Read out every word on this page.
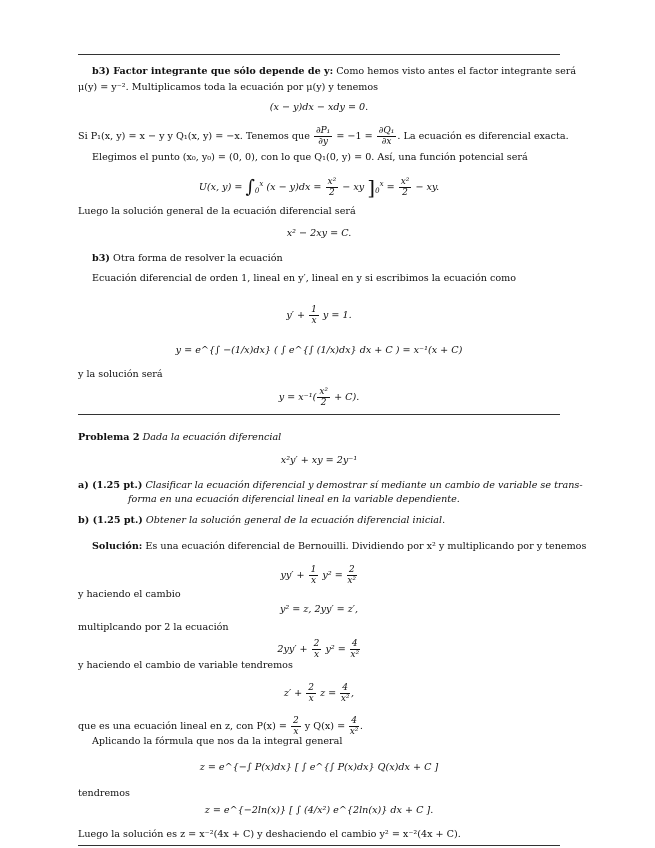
b3) Factor integrante que sólo depende de y: Como hemos visto antes el factor integrante será
μ(y) = y⁻². Multiplicamos toda la ecuación por μ(y) y tenemos
(x − y)dx − xdy = 0.
Si P₁(x, y) = x − y y Q₁(x, y) = −x. Tenemos que $\frac{\text{∂P₁}}{\partial y} = -1 = \frac{\text{∂Q₁}}{\partial x}$ . La ecuación es diferencial exacta.
Elegimos el punto (x₀, y₀) = (0, 0), con lo que Q₁(0, y) = 0. Así, una función potencial será
U(x, $y) = \int_0^x$ $(x - y)dx = \frac{\text{x²}}{2}$ − xy ]$_0^x = \frac{\text{x²}}{2}$ − xy.
Luego la solución general de la ecuación diferencial será
x² − 2xy = C.
b3) Otra forma de resolver la ecuación
Ecuación diferencial de orden 1, lineal en y′, lineal en y si escribimos la ecuación como
$y' + \frac{1}{x}$ y = 1.
y = e^{∫ −(1/x)dx} ( ∫ e^{∫ (1/x)dx} dx + C ) = x⁻¹(x + C)
y la solución será
$y = x^{-1}( \frac{\text{x²}}{2} + C)$.
Problema 2 Dada la ecuación diferencial
x²y′ + xy = 2y⁻¹
a) (1.25 pt.) Clasificar la ecuación diferencial y demostrar sí mediante un cambio de variable se trans-
forma en una ecuación diferencial lineal en la variable dependiente.
b) (1.25 pt.) Obtener la solución general de la ecuación diferencial inicial.
Solución: Es una ecuación diferencial de Bernouilli. Dividiendo por x² y multiplicando por y tenemos
$yy' + \frac{1}{x} y^2 = \frac{2}{\text{x²}}$
y haciendo el cambio
y² = z, 2yy′ = z′,
multiplcando por 2 la ecuación
$2yy' + \frac{2}{x} y^2 = \frac{4}{\text{x²}}$
y haciendo el cambio de variable tendremos
$z' + \frac{2}{x}$ $z = \frac{4}{\text{x²}}$ ,
que es una ecuación lineal en z, con $P(x) = \frac{2}{x}$ y $Q(x) = \frac{4}{\text{x²}}$ .
Aplicando la fórmula que nos da la integral general
z = e^{−∫ P(x)dx} [ ∫ e^{∫ P(x)dx} Q(x)dx + C ]
tendremos
z = e^{−2ln(x)} [ ∫ (4/x²) e^{2ln(x)} dx + C ].
Luego la solución es z = x⁻²(4x + C) y deshaciendo el cambio y² = x⁻²(4x + C).
